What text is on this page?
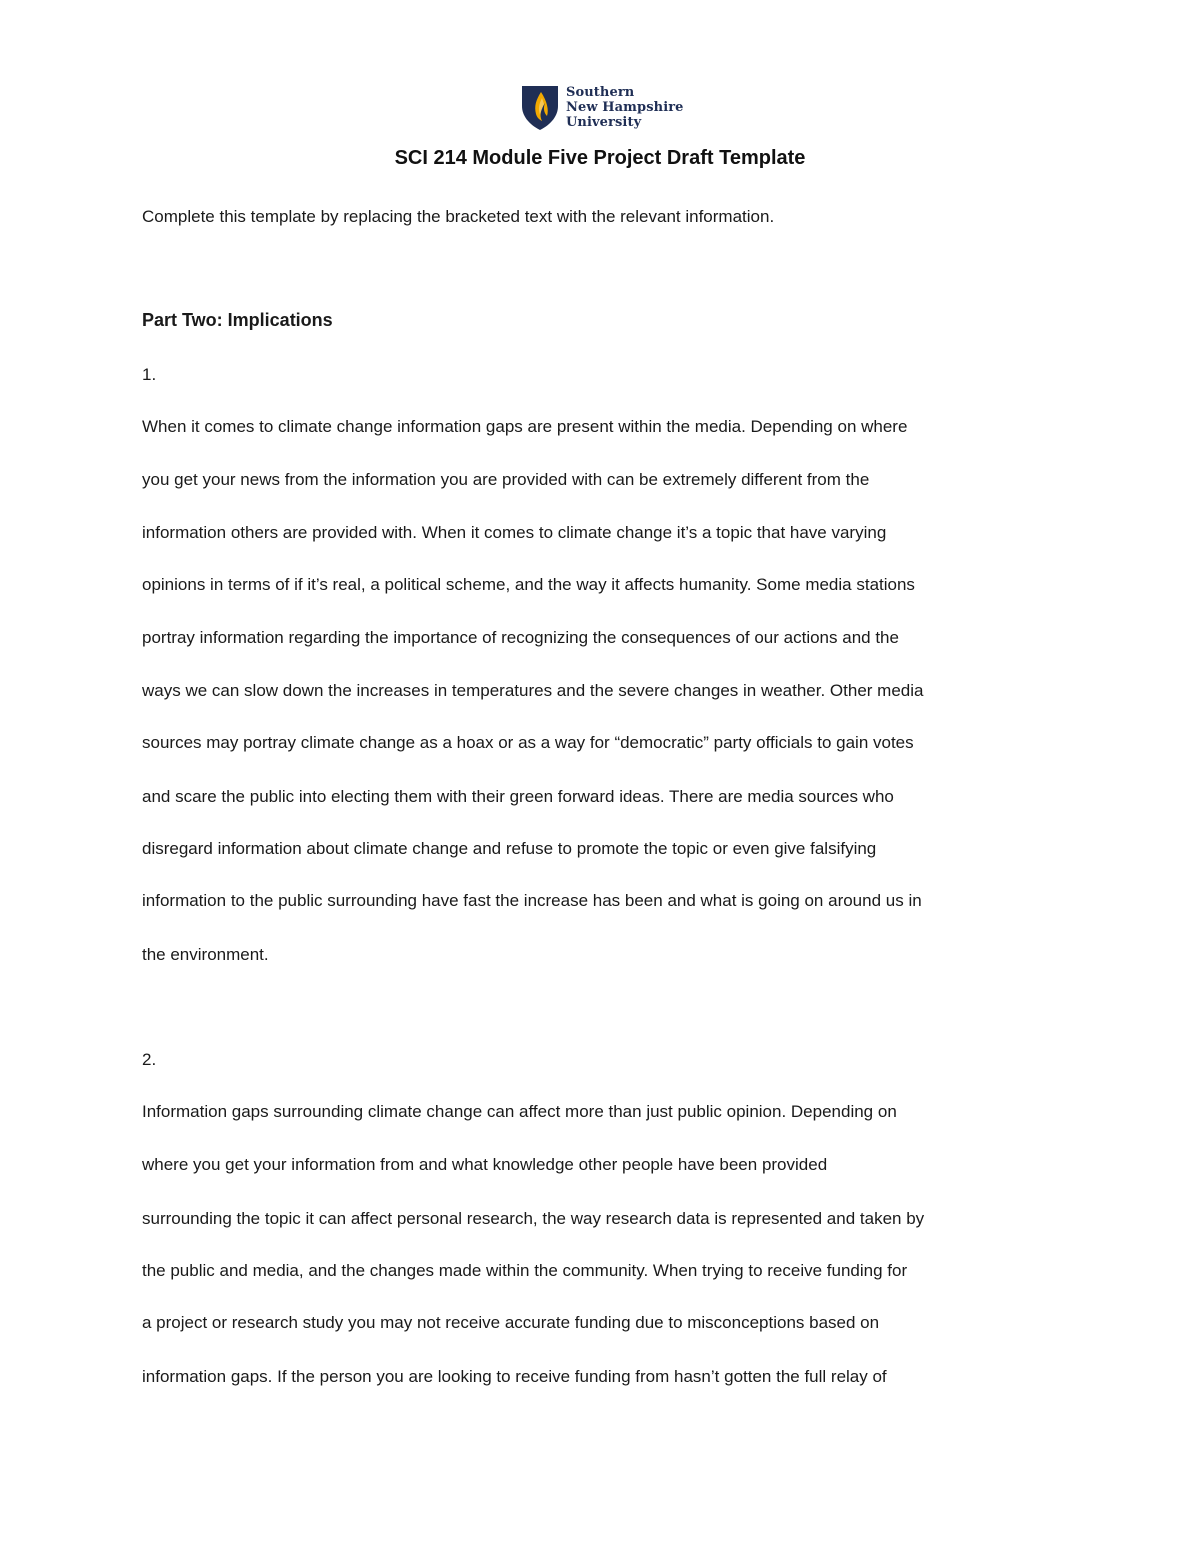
Southern
New Hampshire
University
SCI 214 Module Five Project Draft Template

Complete this template by replacing the bracketed text with the relevant information.

Part Two: Implications

1.

When it comes to climate change information gaps are present within the media. Depending on where

you get your news from the information you are provided with can be extremely different from the

information others are provided with. When it comes to climate change it’s a topic that have varying

opinions in terms of if it’s real, a political scheme, and the way it affects humanity. Some media stations

portray information regarding the importance of recognizing the consequences of our actions and the

ways we can slow down the increases in temperatures and the severe changes in weather. Other media

sources may portray climate change as a hoax or as a way for “democratic” party officials to gain votes

and scare the public into electing them with their green forward ideas. There are media sources who

disregard information about climate change and refuse to promote the topic or even give falsifying

information to the public surrounding have fast the increase has been and what is going on around us in

the environment.

2.

Information gaps surrounding climate change can affect more than just public opinion. Depending on

where you get your information from and what knowledge other people have been provided

surrounding the topic it can affect personal research, the way research data is represented and taken by

the public and media, and the changes made within the community. When trying to receive funding for

a project or research study you may not receive accurate funding due to misconceptions based on

information gaps. If the person you are looking to receive funding from hasn’t gotten the full relay of
